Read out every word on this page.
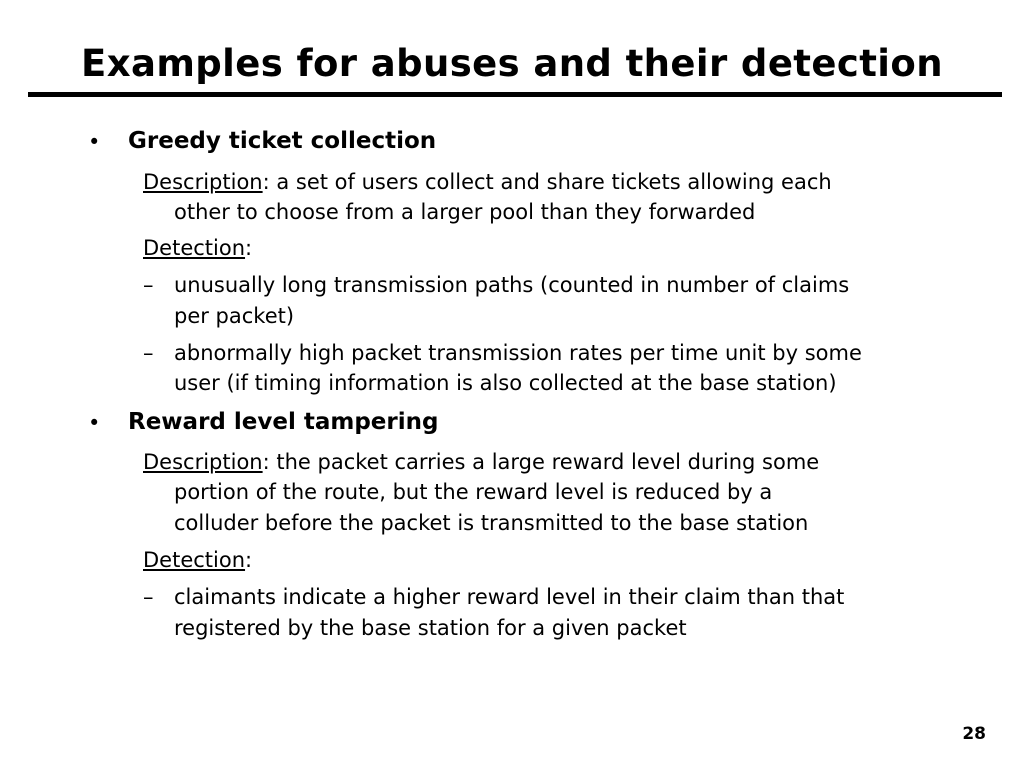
Examples for abuses and their detection
• Greedy ticket collection

Description: a set of users collect and share tickets allowing each

other to choose from a larger pool than they forwarded

Detection:

– unusually long transmission paths (counted in number of claims

per packet)

– abnormally high packet transmission rates per time unit by some

user (if timing information is also collected at the base station)

• Reward level tampering

Description: the packet carries a large reward level during some

portion of the route, but the reward level is reduced by a

colluder before the packet is transmitted to the base station

Detection:

– claimants indicate a higher reward level in their claim than that

registered by the base station for a given packet

28
